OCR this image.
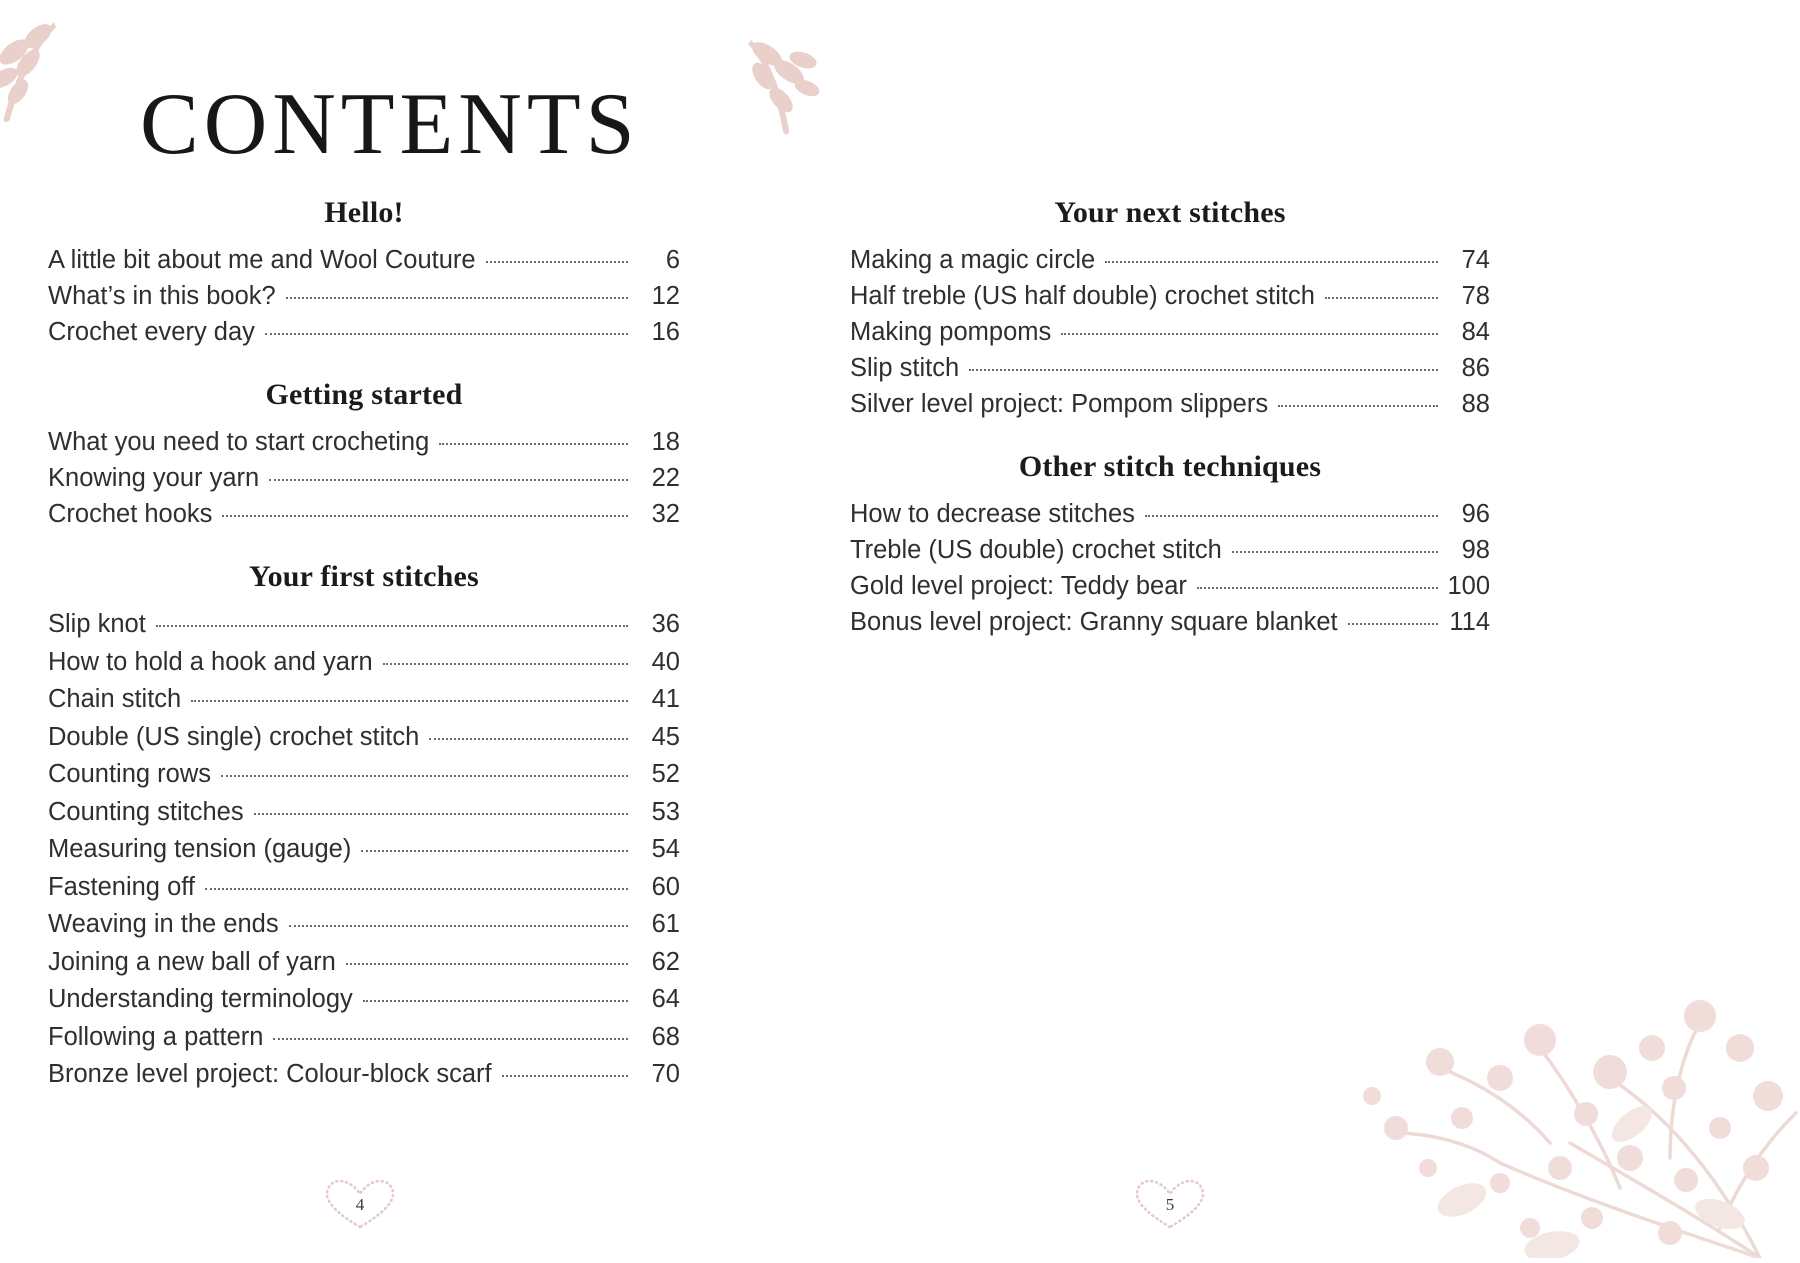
CONTENTS
Hello!
A little bit about me and Wool Couture	6
What’s in this book?	12
Crochet every day	16
Getting started
What you need to start crocheting	18
Knowing your yarn	22
Crochet hooks	32
Your first stitches
Slip knot	36
How to hold a hook and yarn	40
Chain stitch	41
Double (US single) crochet stitch	45
Counting rows	52
Counting stitches	53
Measuring tension (gauge)	54
Fastening off	60
Weaving in the ends	61
Joining a new ball of yarn	62
Understanding terminology	64
Following a pattern	68
Bronze level project: Colour-block scarf	70
Your next stitches
Making a magic circle	74
Half treble (US half double) crochet stitch	78
Making pompoms	84
Slip stitch	86
Silver level project: Pompom slippers	88
Other stitch techniques
How to decrease stitches	96
Treble (US double) crochet stitch	98
Gold level project: Teddy bear	100
Bonus level project: Granny square blanket	114
4	5
